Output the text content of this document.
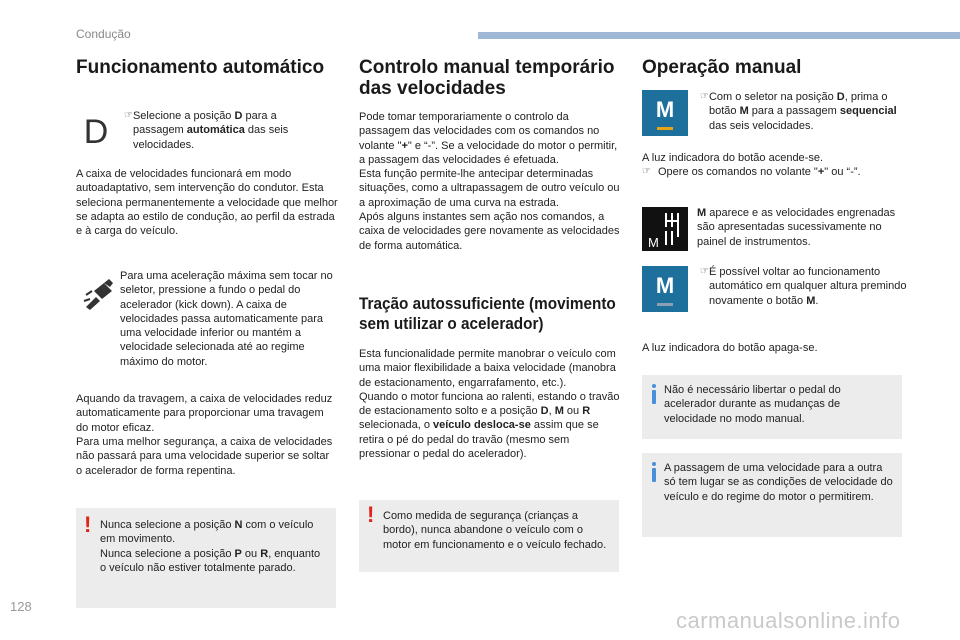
Condução
Funcionamento automático
D	☞ Selecione a posição D para a passagem automática das seis velocidades.

A caixa de velocidades funcionará em modo autoadaptativo, sem intervenção do condutor. Esta seleciona permanentemente a velocidade que melhor se adapta ao estilo de condução, ao perfil da estrada e à carga do veículo.

Para uma aceleração máxima sem tocar no seletor, pressione a fundo o pedal do acelerador (kick down). A caixa de velocidades passa automaticamente para uma velocidade inferior ou mantém a velocidade selecionada até ao regime máximo do motor.

Aquando da travagem, a caixa de velocidades reduz automaticamente para proporcionar uma travagem do motor eficaz.

Para uma melhor segurança, a caixa de velocidades não passará para uma velocidade superior se soltar o acelerador de forma repentina.

! Nunca selecione a posição N com o veículo em movimento.
Nunca selecione a posição P ou R, enquanto o veículo não estiver totalmente parado.
Controlo manual temporário
das velocidades

Pode tomar temporariamente o controlo da passagem das velocidades com os comandos no volante "+" e “-”. Se a velocidade do motor o permitir, a passagem das velocidades é efetuada.

Esta função permite-lhe antecipar determinadas situações, como a ultrapassagem de outro veículo ou a aproximação de uma curva na estrada.

Após alguns instantes sem ação nos comandos, a caixa de velocidades gere novamente as velocidades de forma automática.

Tração autossuficiente (movimento
sem utilizar o acelerador)

Esta funcionalidade permite manobrar o veículo com uma maior flexibilidade a baixa velocidade (manobra de estacionamento, engarrafamento, etc.).

Quando o motor funciona ao ralenti, estando o travão de estacionamento solto e a posição D, M ou R selecionada, o veículo desloca-se assim que se retira o pé do pedal do travão (mesmo sem pressionar o pedal do acelerador).

! Como medida de segurança (crianças a bordo), nunca abandone o veículo com o motor em funcionamento e o veículo fechado.
Operação manual
M
☞ Com o seletor na posição D, prima o botão M para a passagem sequencial das seis velocidades.

A luz indicadora do botão acende-se.

☞ Opere os comandos no volante "+" ou “-”.
M

M aparece e as velocidades engrenadas são apresentadas sucessivamente no painel de instrumentos.

M
☞ É possível voltar ao funcionamento automático em qualquer altura premindo novamente o botão M.

A luz indicadora do botão apaga-se.

Não é necessário libertar o pedal do acelerador durante as mudanças de velocidade no modo manual.
A passagem de uma velocidade para a outra só tem lugar se as condições de velocidade do veículo e do regime do motor o permitirem.
128
carmanualsonline.info
